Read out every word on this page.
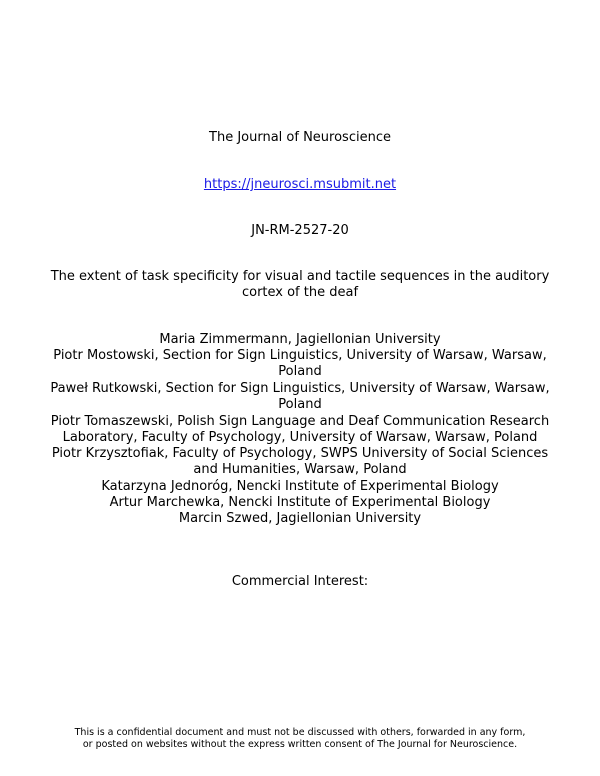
The Journal of Neuroscience
https://jneurosci.msubmit.net
JN-RM-2527-20
The extent of task specificity for visual and tactile sequences in the auditory
cortex of the deaf
Maria Zimmermann, Jagiellonian University
Piotr Mostowski, Section for Sign Linguistics, University of Warsaw, Warsaw,
Poland
Paweł Rutkowski, Section for Sign Linguistics, University of Warsaw, Warsaw,
Poland
Piotr Tomaszewski, Polish Sign Language and Deaf Communication Research
Laboratory, Faculty of Psychology, University of Warsaw, Warsaw, Poland
Piotr Krzysztofiak, Faculty of Psychology, SWPS University of Social Sciences
and Humanities, Warsaw, Poland
Katarzyna Jednoróg, Nencki Institute of Experimental Biology
Artur Marchewka, Nencki Institute of Experimental Biology
Marcin Szwed, Jagiellonian University
Commercial Interest:
This is a confidential document and must not be discussed with others, forwarded in any form,
or posted on websites without the express written consent of The Journal for Neuroscience.
